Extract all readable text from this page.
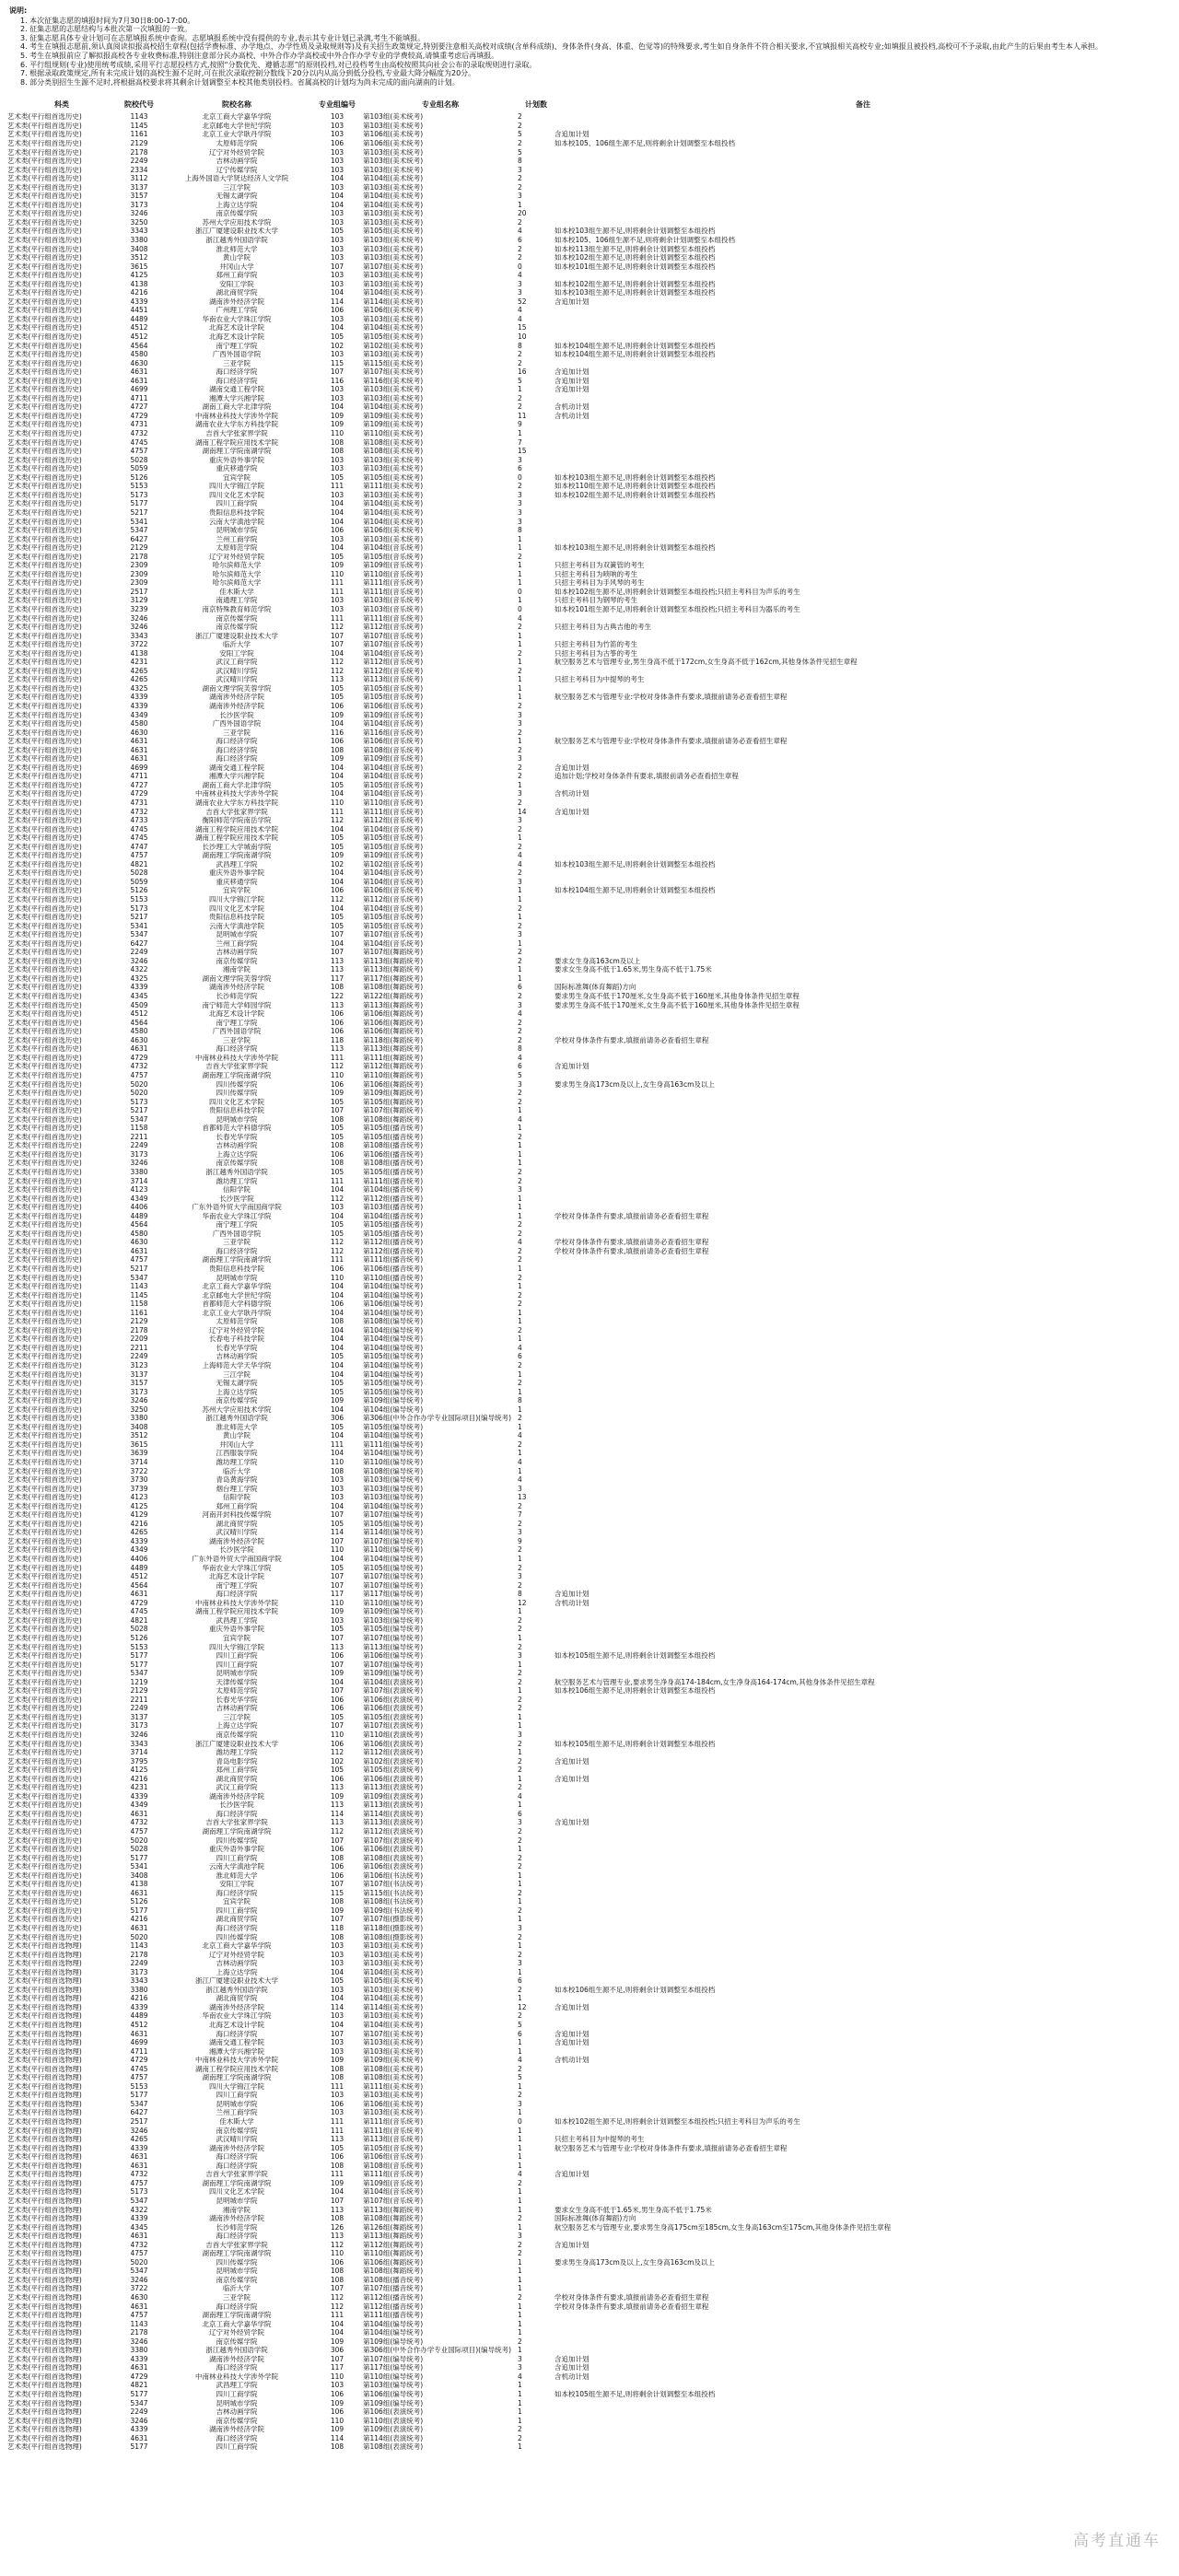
说明:
1. 本次征集志愿的填报时间为7月30日8:00-17:00。
2. 征集志愿的志愿结构与本批次第一次填报的一致。
3. 征集志愿具体专业计划可在志愿填报系统中查询。志愿填报系统中没有提供的专业,表示其专业计划已录满,考生不能填报。
4. 考生在填报志愿前,须认真阅读拟报高校招生章程(包括学费标准、办学地点、办学性质及录取规则等)及有关招生政策规定,特别要注意相关高校对成绩(含单科成绩)、身体条件(身高、体重、色觉等)的特殊要求,考生如自身条件不符合相关要求,不宜填报相关高校专业;如填报且被投档,高校可不予录取,由此产生的后果由考生本人承担。
5. 考生在填报前应了解拟报高校各专业收费标准,特别注意部分民办高校、中外合作办学高校或中外合作办学专业的学费较高,请慎重考虑后再填报。
6. 平行组规则(专业)使用统考成绩,采用平行志愿投档方式,按照“分数优先、遵循志愿”的原则投档,对已投档考生由高校按照其向社会公布的录取规则进行录取。
7. 根据录取政策规定,所有未完成计划的高校生源不足时,可在批次录取控制分数线下20分以内从高分到低分投档,专业最大降分幅度为20分。
8. 部分类别招生生源不足时,将根据高校要求将其剩余计划调整至本校其他类别投档。省属高校的计划均为尚未完成的面向湖南的计划。
科类	院校代号	院校名称	专业组编号	专业组名称	计划数	备注
艺术类(平行组首选历史)	1143	北京工商大学嘉华学院	103	第103组(美术统考)	2	
艺术类(平行组首选历史)	1145	北京邮电大学世纪学院	103	第103组(美术统考)	2	
艺术类(平行组首选历史)	1161	北京工业大学耿丹学院	103	第106组(美术统考)	5	含追加计划
艺术类(平行组首选历史)	2129	太原师范学院	106	第106组(美术统考)	2	如本校105、106组生源不足,则将剩余计划调整至本组投档
艺术类(平行组首选历史)	2178	辽宁对外经贸学院	103	第103组(美术统考)	5	
艺术类(平行组首选历史)	2249	吉林动画学院	103	第103组(美术统考)	8	
艺术类(平行组首选历史)	2334	辽宁传媒学院	103	第103组(美术统考)	3	
艺术类(平行组首选历史)	3112	上海外国语大学贤达经济人文学院	104	第104组(美术统考)	2	
艺术类(平行组首选历史)	3137	三江学院	103	第103组(美术统考)	2	
艺术类(平行组首选历史)	3157	无锡太湖学院	104	第104组(美术统考)	3	
艺术类(平行组首选历史)	3173	上海立达学院	104	第104组(美术统考)	1	
艺术类(平行组首选历史)	3246	南京传媒学院	103	第103组(美术统考)	20	
艺术类(平行组首选历史)	3250	苏州大学应用技术学院	103	第103组(美术统考)	2	
艺术类(平行组首选历史)	3343	浙江广厦建设职业技术大学	105	第105组(美术统考)	4	如本校103组生源不足,则将剩余计划调整至本组投档
艺术类(平行组首选历史)	3380	浙江越秀外国语学院	103	第103组(美术统考)	6	如本校105、106组生源不足,则将剩余计划调整至本组投档
艺术类(平行组首选历史)	3408	淮北师范大学	103	第103组(美术统考)	2	如本校113组生源不足,则将剩余计划调整至本组投档
艺术类(平行组首选历史)	3512	黄山学院	103	第103组(美术统考)	2	如本校102组生源不足,则将剩余计划调整至本组投档
艺术类(平行组首选历史)	3615	井冈山大学	107	第107组(美术统考)	0	如本校101组生源不足,则将剩余计划调整至本组投档
艺术类(平行组首选历史)	4125	郑州工商学院	103	第103组(美术统考)	4	
艺术类(平行组首选历史)	4138	安阳工学院	103	第103组(美术统考)	3	如本校102组生源不足,则将剩余计划调整至本组投档
艺术类(平行组首选历史)	4216	湖北商贸学院	104	第104组(美术统考)	3	如本校103组生源不足,则将剩余计划调整至本组投档
艺术类(平行组首选历史)	4339	湖南涉外经济学院	114	第114组(美术统考)	52	含追加计划
艺术类(平行组首选历史)	4451	广州理工学院	106	第106组(美术统考)	4	
艺术类(平行组首选历史)	4489	华南农业大学珠江学院	103	第103组(美术统考)	4	
艺术类(平行组首选历史)	4512	北海艺术设计学院	104	第104组(美术统考)	15	
艺术类(平行组首选历史)	4512	北海艺术设计学院	105	第105组(美术统考)	10	
艺术类(平行组首选历史)	4564	南宁理工学院	102	第102组(美术统考)	8	如本校104组生源不足,则将剩余计划调整至本组投档
艺术类(平行组首选历史)	4580	广西外国语学院	103	第103组(美术统考)	2	如本校104组生源不足,则将剩余计划调整至本组投档
艺术类(平行组首选历史)	4630	三亚学院	115	第115组(美术统考)	2	
艺术类(平行组首选历史)	4631	海口经济学院	107	第107组(美术统考)	16	含追加计划
艺术类(平行组首选历史)	4631	海口经济学院	116	第116组(美术统考)	5	含追加计划
艺术类(平行组首选历史)	4699	湖南交通工程学院	103	第103组(美术统考)	1	含追加计划
艺术类(平行组首选历史)	4711	湘潭大学兴湘学院	103	第103组(美术统考)	2	
艺术类(平行组首选历史)	4727	湖南工商大学北津学院	104	第104组(美术统考)	2	含机动计划
艺术类(平行组首选历史)	4729	中南林业科技大学涉外学院	109	第109组(美术统考)	11	含机动计划
艺术类(平行组首选历史)	4731	湖南农业大学东方科技学院	109	第109组(美术统考)	9	
艺术类(平行组首选历史)	4732	吉首大学张家界学院	110	第110组(美术统考)	1	
艺术类(平行组首选历史)	4745	湖南工程学院应用技术学院	108	第108组(美术统考)	7	
艺术类(平行组首选历史)	4757	湖南理工学院南湖学院	108	第108组(美术统考)	15	
艺术类(平行组首选历史)	5028	重庆外语外事学院	103	第103组(美术统考)	3	
艺术类(平行组首选历史)	5059	重庆移通学院	103	第103组(美术统考)	6	
艺术类(平行组首选历史)	5126	宜宾学院	105	第105组(美术统考)	0	如本校103组生源不足,则将剩余计划调整至本组投档
艺术类(平行组首选历史)	5153	四川大学锦江学院	111	第111组(美术统考)	2	如本校110组生源不足,则将剩余计划调整至本组投档
艺术类(平行组首选历史)	5173	四川文化艺术学院	103	第103组(美术统考)	3	如本校102组生源不足,则将剩余计划调整至本组投档
艺术类(平行组首选历史)	5177	四川工商学院	104	第104组(美术统考)	3	
艺术类(平行组首选历史)	5217	贵阳信息科技学院	104	第104组(美术统考)	3	
艺术类(平行组首选历史)	5341	云南大学滇池学院	104	第104组(美术统考)	3	
艺术类(平行组首选历史)	5347	昆明城市学院	106	第106组(美术统考)	8	
艺术类(平行组首选历史)	6427	兰州工商学院	103	第103组(美术统考)	1	
艺术类(平行组首选历史)	2129	太原师范学院	104	第104组(音乐统考)	1	如本校103组生源不足,则将剩余计划调整至本组投档
艺术类(平行组首选历史)	2178	辽宁对外经贸学院	105	第105组(音乐统考)	2	
艺术类(平行组首选历史)	2309	哈尔滨师范大学	109	第109组(音乐统考)	1	只招主考科目为双簧管的考生
艺术类(平行组首选历史)	2309	哈尔滨师范大学	110	第110组(音乐统考)	1	只招主考科目为唢呐的考生
艺术类(平行组首选历史)	2309	哈尔滨师范大学	111	第111组(音乐统考)	1	只招主考科目为手风琴的考生
艺术类(平行组首选历史)	2517	佳木斯大学	111	第111组(音乐统考)	0	如本校102组生源不足,则将剩余计划调整至本组投档;只招主考科目为声乐的考生
艺术类(平行组首选历史)	3129	南通理工学院	103	第103组(音乐统考)	1	只招主考科目为钢琴的考生
艺术类(平行组首选历史)	3239	南京特殊教育师范学院	103	第103组(音乐统考)	0	如本校101组生源不足,则将剩余计划调整至本组投档;只招主考科目为器乐的考生
艺术类(平行组首选历史)	3246	南京传媒学院	111	第111组(音乐统考)	4	
艺术类(平行组首选历史)	3246	南京传媒学院	112	第112组(音乐统考)	2	只招主考科目为古典吉他的考生
艺术类(平行组首选历史)	3343	浙江广厦建设职业技术大学	107	第107组(音乐统考)	1	
艺术类(平行组首选历史)	3722	临沂大学	107	第107组(音乐统考)	1	只招主考科目为竹笛的考生
艺术类(平行组首选历史)	4138	安阳工学院	104	第104组(音乐统考)	2	只招主考科目为古筝的考生
艺术类(平行组首选历史)	4231	武汉工商学院	112	第112组(音乐统考)	1	航空服务艺术与管理专业,男生身高不低于172cm,女生身高不低于162cm,其他身体条件见招生章程
艺术类(平行组首选历史)	4265	武汉晴川学院	112	第112组(音乐统考)	2	
艺术类(平行组首选历史)	4265	武汉晴川学院	113	第113组(音乐统考)	1	只招主考科目为中提琴的考生
艺术类(平行组首选历史)	4325	湖南文理学院芙蓉学院	105	第105组(音乐统考)	1	
艺术类(平行组首选历史)	4339	湖南涉外经济学院	105	第105组(音乐统考)	1	航空服务艺术与管理专业:学校对身体条件有要求,填报前请务必查看招生章程
艺术类(平行组首选历史)	4339	湖南涉外经济学院	106	第106组(音乐统考)	2	
艺术类(平行组首选历史)	4349	长沙医学院	109	第109组(音乐统考)	3	
艺术类(平行组首选历史)	4580	广西外国语学院	104	第104组(音乐统考)	3	
艺术类(平行组首选历史)	4630	三亚学院	116	第116组(音乐统考)	2	
艺术类(平行组首选历史)	4631	海口经济学院	106	第106组(音乐统考)	1	航空服务艺术与管理专业:学校对身体条件有要求,填报前请务必查看招生章程
艺术类(平行组首选历史)	4631	海口经济学院	108	第108组(音乐统考)	2	
艺术类(平行组首选历史)	4631	海口经济学院	109	第109组(音乐统考)	3	
艺术类(平行组首选历史)	4699	湖南交通工程学院	104	第104组(音乐统考)	2	含追加计划
艺术类(平行组首选历史)	4711	湘潭大学兴湘学院	104	第104组(音乐统考)	2	追加计划;学校对身体条件有要求,填报前请务必查看招生章程
艺术类(平行组首选历史)	4727	湖南工商大学北津学院	105	第105组(音乐统考)	1	
艺术类(平行组首选历史)	4729	中南林业科技大学涉外学院	104	第104组(音乐统考)	3	含机动计划
艺术类(平行组首选历史)	4731	湖南农业大学东方科技学院	110	第110组(音乐统考)	2	
艺术类(平行组首选历史)	4732	吉首大学张家界学院	111	第111组(音乐统考)	14	含追加计划
艺术类(平行组首选历史)	4733	衡阳师范学院南岳学院	112	第112组(音乐统考)	3	
艺术类(平行组首选历史)	4745	湖南工程学院应用技术学院	104	第104组(音乐统考)	2	
艺术类(平行组首选历史)	4745	湖南工程学院应用技术学院	105	第105组(音乐统考)	1	
艺术类(平行组首选历史)	4747	长沙理工大学城南学院	105	第105组(音乐统考)	2	
艺术类(平行组首选历史)	4757	湖南理工学院南湖学院	109	第109组(音乐统考)	4	
艺术类(平行组首选历史)	4821	武昌理工学院	102	第102组(音乐统考)	4	如本校103组生源不足,则将剩余计划调整至本组投档
艺术类(平行组首选历史)	5028	重庆外语外事学院	104	第104组(音乐统考)	2	
艺术类(平行组首选历史)	5059	重庆移通学院	104	第104组(音乐统考)	3	
艺术类(平行组首选历史)	5126	宜宾学院	106	第106组(音乐统考)	1	如本校104组生源不足,则将剩余计划调整至本组投档
艺术类(平行组首选历史)	5153	四川大学锦江学院	112	第112组(音乐统考)	1	
艺术类(平行组首选历史)	5173	四川文化艺术学院	104	第104组(音乐统考)	2	
艺术类(平行组首选历史)	5217	贵阳信息科技学院	105	第105组(音乐统考)	1	
艺术类(平行组首选历史)	5341	云南大学滇池学院	105	第105组(音乐统考)	2	
艺术类(平行组首选历史)	5347	昆明城市学院	107	第107组(音乐统考)	3	
艺术类(平行组首选历史)	6427	兰州工商学院	104	第104组(音乐统考)	1	
艺术类(平行组首选历史)	2249	吉林动画学院	107	第107组(舞蹈统考)	2	
艺术类(平行组首选历史)	3246	南京传媒学院	113	第113组(舞蹈统考)	2	要求女生身高163cm及以上
艺术类(平行组首选历史)	4322	湘南学院	113	第113组(舞蹈统考)	1	要求女生身高不低于1.65米,男生身高不低于1.75米
艺术类(平行组首选历史)	4325	湖南文理学院芙蓉学院	117	第117组(舞蹈统考)	1	
艺术类(平行组首选历史)	4339	湖南涉外经济学院	108	第108组(舞蹈统考)	6	国际标准舞(体育舞蹈)方向
艺术类(平行组首选历史)	4345	长沙师范学院	122	第122组(舞蹈统考)	2	要求男生身高不低于170厘米,女生身高不低于160厘米,其他身体条件见招生章程
艺术类(平行组首选历史)	4509	南宁师范大学师园学院	113	第113组(舞蹈统考)	3	要求男生身高不低于170厘米,女生身高不低于160厘米,其他身体条件见招生章程
艺术类(平行组首选历史)	4512	北海艺术设计学院	106	第106组(舞蹈统考)	4	
艺术类(平行组首选历史)	4564	南宁理工学院	106	第106组(舞蹈统考)	2	
艺术类(平行组首选历史)	4580	广西外国语学院	106	第106组(舞蹈统考)	2	
艺术类(平行组首选历史)	4630	三亚学院	118	第118组(舞蹈统考)	2	学校对身体条件有要求,填报前请务必查看招生章程
艺术类(平行组首选历史)	4631	海口经济学院	113	第113组(舞蹈统考)	8	
艺术类(平行组首选历史)	4729	中南林业科技大学涉外学院	111	第111组(舞蹈统考)	4	
艺术类(平行组首选历史)	4732	吉首大学张家界学院	112	第112组(舞蹈统考)	6	含追加计划
艺术类(平行组首选历史)	4757	湖南理工学院南湖学院	110	第110组(舞蹈统考)	5	
艺术类(平行组首选历史)	5020	四川传媒学院	106	第106组(舞蹈统考)	3	要求男生身高173cm及以上,女生身高163cm及以上
艺术类(平行组首选历史)	5020	四川传媒学院	109	第109组(舞蹈统考)	2	
艺术类(平行组首选历史)	5173	四川文化艺术学院	105	第105组(舞蹈统考)	2	
艺术类(平行组首选历史)	5217	贵阳信息科技学院	107	第107组(舞蹈统考)	1	
艺术类(平行组首选历史)	5347	昆明城市学院	108	第108组(舞蹈统考)	4	
艺术类(平行组首选历史)	1158	首都师范大学科德学院	105	第105组(播音统考)	1	
艺术类(平行组首选历史)	2211	长春光华学院	105	第105组(播音统考)	2	
艺术类(平行组首选历史)	2249	吉林动画学院	108	第108组(播音统考)	1	
艺术类(平行组首选历史)	3173	上海立达学院	106	第106组(播音统考)	1	
艺术类(平行组首选历史)	3246	南京传媒学院	108	第108组(播音统考)	1	
艺术类(平行组首选历史)	3380	浙江越秀外国语学院	105	第105组(播音统考)	2	
艺术类(平行组首选历史)	3714	潍坊理工学院	111	第111组(播音统考)	2	
艺术类(平行组首选历史)	4123	信阳学院	104	第104组(播音统考)	3	
艺术类(平行组首选历史)	4349	长沙医学院	112	第112组(播音统考)	1	
艺术类(平行组首选历史)	4406	广东外语外贸大学南国商学院	103	第103组(播音统考)	1	
艺术类(平行组首选历史)	4489	华南农业大学珠江学院	104	第104组(播音统考)	1	学校对身体条件有要求,填报前请务必查看招生章程
艺术类(平行组首选历史)	4564	南宁理工学院	105	第105组(播音统考)	2	
艺术类(平行组首选历史)	4580	广西外国语学院	105	第105组(播音统考)	2	
艺术类(平行组首选历史)	4630	三亚学院	112	第112组(播音统考)	4	学校对身体条件有要求,填报前请务必查看招生章程
艺术类(平行组首选历史)	4631	海口经济学院	112	第112组(播音统考)	2	学校对身体条件有要求,填报前请务必查看招生章程
艺术类(平行组首选历史)	4757	湖南理工学院南湖学院	111	第111组(播音统考)	2	
艺术类(平行组首选历史)	5217	贵阳信息科技学院	106	第106组(播音统考)	1	
艺术类(平行组首选历史)	5347	昆明城市学院	110	第110组(播音统考)	2	
艺术类(平行组首选历史)	1143	北京工商大学嘉华学院	104	第104组(编导统考)	1	
艺术类(平行组首选历史)	1145	北京邮电大学世纪学院	104	第104组(编导统考)	2	
艺术类(平行组首选历史)	1158	首都师范大学科德学院	106	第106组(编导统考)	2	
艺术类(平行组首选历史)	1161	北京工业大学耿丹学院	104	第104组(编导统考)	1	
艺术类(平行组首选历史)	2129	太原师范学院	108	第108组(编导统考)	1	
艺术类(平行组首选历史)	2178	辽宁对外经贸学院	104	第104组(编导统考)	2	
艺术类(平行组首选历史)	2209	长春电子科技学院	104	第104组(编导统考)	1	
艺术类(平行组首选历史)	2211	长春光华学院	104	第104组(编导统考)	4	
艺术类(平行组首选历史)	2249	吉林动画学院	105	第105组(编导统考)	6	
艺术类(平行组首选历史)	3123	上海师范大学天华学院	104	第104组(编导统考)	2	
艺术类(平行组首选历史)	3137	三江学院	104	第104组(编导统考)	1	
艺术类(平行组首选历史)	3157	无锡太湖学院	105	第105组(编导统考)	2	
艺术类(平行组首选历史)	3173	上海立达学院	105	第105组(编导统考)	1	
艺术类(平行组首选历史)	3246	南京传媒学院	109	第109组(编导统考)	8	
艺术类(平行组首选历史)	3250	苏州大学应用技术学院	104	第104组(编导统考)	1	
艺术类(平行组首选历史)	3380	浙江越秀外国语学院	306	第306组(中外合作办学专业国际项目)(编导统考)	2	
艺术类(平行组首选历史)	3408	淮北师范大学	105	第105组(编导统考)	1	
艺术类(平行组首选历史)	3512	黄山学院	104	第104组(编导统考)	4	
艺术类(平行组首选历史)	3615	井冈山大学	111	第111组(编导统考)	2	
艺术类(平行组首选历史)	3639	江西服装学院	104	第104组(编导统考)	1	
艺术类(平行组首选历史)	3714	潍坊理工学院	110	第110组(编导统考)	4	
艺术类(平行组首选历史)	3722	临沂大学	108	第108组(编导统考)	1	
艺术类(平行组首选历史)	3730	青岛黄海学院	103	第103组(编导统考)	4	
艺术类(平行组首选历史)	3739	烟台理工学院	103	第103组(编导统考)	3	
艺术类(平行组首选历史)	4123	信阳学院	103	第103组(编导统考)	13	
艺术类(平行组首选历史)	4125	郑州工商学院	104	第104组(编导统考)	2	
艺术类(平行组首选历史)	4129	河南开封科技传媒学院	107	第107组(编导统考)	7	
艺术类(平行组首选历史)	4216	湖北商贸学院	105	第105组(编导统考)	2	
艺术类(平行组首选历史)	4265	武汉晴川学院	114	第114组(编导统考)	3	
艺术类(平行组首选历史)	4339	湖南涉外经济学院	107	第107组(编导统考)	9	
艺术类(平行组首选历史)	4349	长沙医学院	110	第110组(编导统考)	2	
艺术类(平行组首选历史)	4406	广东外语外贸大学南国商学院	104	第104组(编导统考)	1	
艺术类(平行组首选历史)	4489	华南农业大学珠江学院	105	第105组(编导统考)	2	
艺术类(平行组首选历史)	4512	北海艺术设计学院	107	第107组(编导统考)	3	
艺术类(平行组首选历史)	4564	南宁理工学院	107	第107组(编导统考)	2	
艺术类(平行组首选历史)	4631	海口经济学院	117	第117组(编导统考)	8	含追加计划
艺术类(平行组首选历史)	4729	中南林业科技大学涉外学院	110	第110组(编导统考)	12	含机动计划
艺术类(平行组首选历史)	4745	湖南工程学院应用技术学院	109	第109组(编导统考)	1	
艺术类(平行组首选历史)	4821	武昌理工学院	103	第103组(编导统考)	2	
艺术类(平行组首选历史)	5028	重庆外语外事学院	105	第105组(编导统考)	2	
艺术类(平行组首选历史)	5126	宜宾学院	107	第107组(编导统考)	1	
艺术类(平行组首选历史)	5153	四川大学锦江学院	113	第113组(编导统考)	2	
艺术类(平行组首选历史)	5177	四川工商学院	106	第106组(编导统考)	3	如本校105组生源不足,则将剩余计划调整至本组投档
艺术类(平行组首选历史)	5177	四川工商学院	107	第107组(编导统考)	1	
艺术类(平行组首选历史)	5347	昆明城市学院	109	第109组(编导统考)	2	
艺术类(平行组首选历史)	1219	天津传媒学院	104	第104组(表演统考)	2	航空服务艺术与管理专业,要求男生净身高174-184cm,女生净身高164-174cm,其他身体条件见招生章程
艺术类(平行组首选历史)	2129	太原师范学院	107	第107组(表演统考)	1	如本校106组生源不足,则将剩余计划调整至本组投档
艺术类(平行组首选历史)	2211	长春光华学院	106	第106组(表演统考)	2	
艺术类(平行组首选历史)	2249	吉林动画学院	106	第106组(表演统考)	2	
艺术类(平行组首选历史)	3137	三江学院	105	第105组(表演统考)	1	
艺术类(平行组首选历史)	3173	上海立达学院	107	第107组(表演统考)	1	
艺术类(平行组首选历史)	3246	南京传媒学院	110	第110组(表演统考)	3	
艺术类(平行组首选历史)	3343	浙江广厦建设职业技术大学	106	第106组(表演统考)	2	如本校105组生源不足,则将剩余计划调整至本组投档
艺术类(平行组首选历史)	3714	潍坊理工学院	112	第112组(表演统考)	1	
艺术类(平行组首选历史)	3795	青岛电影学院	102	第102组(表演统考)	2	含追加计划
艺术类(平行组首选历史)	4125	郑州工商学院	105	第105组(表演统考)	2	
艺术类(平行组首选历史)	4216	湖北商贸学院	106	第106组(表演统考)	1	含追加计划
艺术类(平行组首选历史)	4231	武汉工商学院	113	第113组(表演统考)	2	
艺术类(平行组首选历史)	4339	湖南涉外经济学院	109	第109组(表演统考)	4	
艺术类(平行组首选历史)	4349	长沙医学院	113	第113组(表演统考)	1	
艺术类(平行组首选历史)	4631	海口经济学院	114	第114组(表演统考)	6	
艺术类(平行组首选历史)	4732	吉首大学张家界学院	113	第113组(表演统考)	3	含追加计划
艺术类(平行组首选历史)	4757	湖南理工学院南湖学院	112	第112组(表演统考)	2	
艺术类(平行组首选历史)	5020	四川传媒学院	107	第107组(表演统考)	2	
艺术类(平行组首选历史)	5028	重庆外语外事学院	106	第106组(表演统考)	1	
艺术类(平行组首选历史)	5177	四川工商学院	108	第108组(表演统考)	2	
艺术类(平行组首选历史)	5341	云南大学滇池学院	106	第106组(表演统考)	2	
艺术类(平行组首选历史)	3408	淮北师范大学	106	第106组(书法统考)	1	
艺术类(平行组首选历史)	4138	安阳工学院	107	第107组(书法统考)	1	
艺术类(平行组首选历史)	4631	海口经济学院	115	第115组(书法统考)	2	
艺术类(平行组首选历史)	5126	宜宾学院	108	第108组(书法统考)	1	
艺术类(平行组首选历史)	5177	四川工商学院	109	第109组(书法统考)	2	
艺术类(平行组首选历史)	4216	湖北商贸学院	107	第107组(摄影统考)	1	
艺术类(平行组首选历史)	4631	海口经济学院	118	第118组(摄影统考)	3	
艺术类(平行组首选历史)	5020	四川传媒学院	108	第108组(摄影统考)	2	
艺术类(平行组首选物理)	1143	北京工商大学嘉华学院	103	第103组(美术统考)	1	
艺术类(平行组首选物理)	2178	辽宁对外经贸学院	103	第103组(美术统考)	2	
艺术类(平行组首选物理)	2249	吉林动画学院	103	第103组(美术统考)	3	
艺术类(平行组首选物理)	3173	上海立达学院	104	第104组(美术统考)	1	
艺术类(平行组首选物理)	3343	浙江广厦建设职业技术大学	105	第105组(美术统考)	6	
艺术类(平行组首选物理)	3380	浙江越秀外国语学院	103	第103组(美术统考)	2	如本校106组生源不足,则将剩余计划调整至本组投档
艺术类(平行组首选物理)	4216	湖北商贸学院	104	第104组(美术统考)	1	
艺术类(平行组首选物理)	4339	湖南涉外经济学院	114	第114组(美术统考)	12	含追加计划
艺术类(平行组首选物理)	4489	华南农业大学珠江学院	103	第103组(美术统考)	2	
艺术类(平行组首选物理)	4512	北海艺术设计学院	104	第104组(美术统考)	5	
艺术类(平行组首选物理)	4631	海口经济学院	107	第107组(美术统考)	6	含追加计划
艺术类(平行组首选物理)	4699	湖南交通工程学院	103	第103组(美术统考)	1	含追加计划
艺术类(平行组首选物理)	4711	湘潭大学兴湘学院	103	第103组(美术统考)	1	
艺术类(平行组首选物理)	4729	中南林业科技大学涉外学院	109	第109组(美术统考)	4	含机动计划
艺术类(平行组首选物理)	4745	湖南工程学院应用技术学院	108	第108组(美术统考)	2	
艺术类(平行组首选物理)	4757	湖南理工学院南湖学院	108	第108组(美术统考)	5	
艺术类(平行组首选物理)	5153	四川大学锦江学院	111	第111组(美术统考)	1	
艺术类(平行组首选物理)	5177	四川工商学院	103	第103组(美术统考)	2	
艺术类(平行组首选物理)	5347	昆明城市学院	106	第106组(美术统考)	3	
艺术类(平行组首选物理)	6427	兰州工商学院	103	第103组(美术统考)	1	
艺术类(平行组首选物理)	2517	佳木斯大学	111	第111组(音乐统考)	0	如本校102组生源不足,则将剩余计划调整至本组投档;只招主考科目为声乐的考生
艺术类(平行组首选物理)	3246	南京传媒学院	111	第111组(音乐统考)	1	
艺术类(平行组首选物理)	4265	武汉晴川学院	113	第113组(音乐统考)	1	只招主考科目为中提琴的考生
艺术类(平行组首选物理)	4339	湖南涉外经济学院	105	第105组(音乐统考)	1	航空服务艺术与管理专业:学校对身体条件有要求,填报前请务必查看招生章程
艺术类(平行组首选物理)	4631	海口经济学院	106	第106组(音乐统考)	1	
艺术类(平行组首选物理)	4631	海口经济学院	108	第108组(音乐统考)	1	
艺术类(平行组首选物理)	4732	吉首大学张家界学院	111	第111组(音乐统考)	4	含追加计划
艺术类(平行组首选物理)	4757	湖南理工学院南湖学院	109	第109组(音乐统考)	2	
艺术类(平行组首选物理)	5173	四川文化艺术学院	104	第104组(音乐统考)	1	
艺术类(平行组首选物理)	5347	昆明城市学院	107	第107组(音乐统考)	1	
艺术类(平行组首选物理)	4322	湘南学院	113	第113组(舞蹈统考)	1	要求女生身高不低于1.65米,男生身高不低于1.75米
艺术类(平行组首选物理)	4339	湖南涉外经济学院	108	第108组(舞蹈统考)	2	国际标准舞(体育舞蹈)方向
艺术类(平行组首选物理)	4345	长沙师范学院	126	第126组(舞蹈统考)	1	航空服务艺术与管理专业,要求男生身高175cm至185cm,女生身高163cm至175cm,其他身体条件见招生章程
艺术类(平行组首选物理)	4631	海口经济学院	113	第113组(舞蹈统考)	3	
艺术类(平行组首选物理)	4732	吉首大学张家界学院	112	第112组(舞蹈统考)	2	含追加计划
艺术类(平行组首选物理)	4757	湖南理工学院南湖学院	110	第110组(舞蹈统考)	2	
艺术类(平行组首选物理)	5020	四川传媒学院	106	第106组(舞蹈统考)	1	要求男生身高173cm及以上,女生身高163cm及以上
艺术类(平行组首选物理)	5347	昆明城市学院	108	第108组(舞蹈统考)	1	
艺术类(平行组首选物理)	3246	南京传媒学院	108	第108组(播音统考)	1	
艺术类(平行组首选物理)	3722	临沂大学	107	第107组(播音统考)	1	
艺术类(平行组首选物理)	4630	三亚学院	112	第112组(播音统考)	2	学校对身体条件有要求,填报前请务必查看招生章程
艺术类(平行组首选物理)	4631	海口经济学院	112	第112组(播音统考)	1	学校对身体条件有要求,填报前请务必查看招生章程
艺术类(平行组首选物理)	4757	湖南理工学院南湖学院	111	第111组(播音统考)	1	
艺术类(平行组首选物理)	1143	北京工商大学嘉华学院	104	第104组(编导统考)	1	
艺术类(平行组首选物理)	2178	辽宁对外经贸学院	104	第104组(编导统考)	1	
艺术类(平行组首选物理)	3246	南京传媒学院	109	第109组(编导统考)	2	
艺术类(平行组首选物理)	3380	浙江越秀外国语学院	306	第306组(中外合作办学专业国际项目)(编导统考)	1	
艺术类(平行组首选物理)	4339	湖南涉外经济学院	107	第107组(编导统考)	3	含追加计划
艺术类(平行组首选物理)	4631	海口经济学院	117	第117组(编导统考)	3	含追加计划
艺术类(平行组首选物理)	4729	中南林业科技大学涉外学院	110	第110组(编导统考)	4	含机动计划
艺术类(平行组首选物理)	4821	武昌理工学院	103	第103组(编导统考)	1	
艺术类(平行组首选物理)	5177	四川工商学院	106	第106组(编导统考)	1	如本校105组生源不足,则将剩余计划调整至本组投档
艺术类(平行组首选物理)	5347	昆明城市学院	109	第109组(编导统考)	1	
艺术类(平行组首选物理)	2249	吉林动画学院	106	第106组(表演统考)	1	
艺术类(平行组首选物理)	3246	南京传媒学院	110	第110组(表演统考)	1	
艺术类(平行组首选物理)	4339	湖南涉外经济学院	109	第109组(表演统考)	2	
艺术类(平行组首选物理)	4631	海口经济学院	114	第114组(表演统考)	2	
艺术类(平行组首选物理)	5177	四川工商学院	108	第108组(表演统考)	1	
高考直通车
